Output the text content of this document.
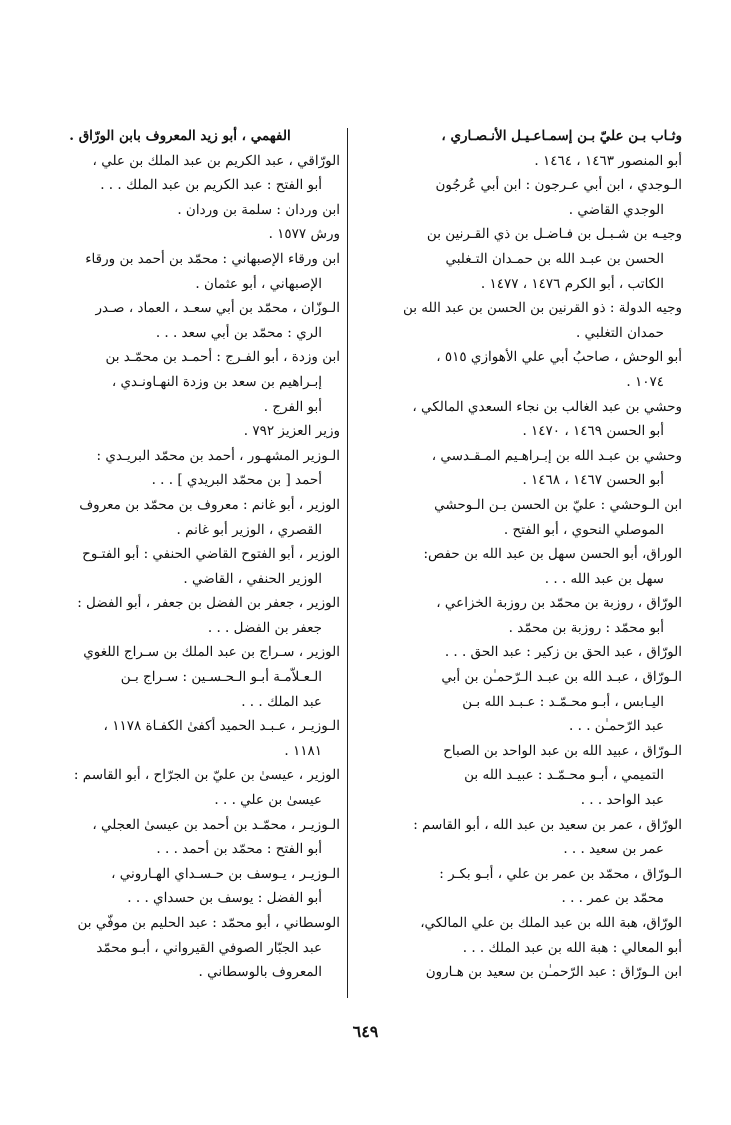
وثـاب بـن عليّ بـن إسمـاعـيـل الأنـصـاري ،
أبو المنصور ١٤٦٣ ، ١٤٦٤ .
الـوجدي ، ابن أبي عـرجون : ابن أبي عُرجُون
الوجدي القاضي .
وجيـه بن شـبـل بن فـاضـل بن ذي القـرنين بن
الحسن بن عبـد الله بن حمـدان التـغلبي
الكاتب ، أبو الكرم ١٤٧٦ ، ١٤٧٧ .
وجيه الدولة : ذو القرنين بن الحسن بن عبد الله بن
حمدان التغلبي .
أبو الوحش ، صاحبُ أبي علي الأهوازي ٥١٥ ،
١٠٧٤ .
وحشي بن عبد الغالب بن نجاء السعدي المالكي ،
أبو الحسن ١٤٦٩ ، ١٤٧٠ .
وحشي بن عبـد الله بن إبـراهـيم المـقـدسي ،
أبو الحسن ١٤٦٧ ، ١٤٦٨ .
ابن الـوحشي : عليّ بن الحسن بـن الـوحشي
الموصلي النحوي ، أبو الفتح .
الوراق، أبو الحسن سهل بن عبد الله بن حفص:
سهل بن عبد الله . . .
الورّاق ، روزبة بن محمّد بن روزبة الخزاعي ،
أبو محمّد : روزبة بن محمّد .
الورّاق ، عبد الحق بن زكير : عبد الحق . . .
الـورّاق ، عبـد الله بن عبـد الـرّحمـٰن بن أبي
اليـابس ، أبـو محـمّـد : عـبـد الله بـن
عبد الرّحمـٰن . . .
الـورّاق ، عبيد الله بن عبد الواحد بن الصباح
التميمي ، أبـو محـمّـد : عبيـد الله بن
عبد الواحد . . .
الورّاق ، عمر بن سعيد بن عبد الله ، أبو القاسم :
عمر بن سعيد . . .
الـورّاق ، محمّد بن عمر بن علي ، أبـو بكـر :
محمّد بن عمر . . .
الورّاق، هبة الله بن عبد الملك بن علي المالكي،
أبو المعالي : هبة الله بن عبد الملك . . .
ابن الـورّاق : عبد الرّحمـٰن بن سعيد بن هـارون
الفهمي ، أبو زيد المعروف بابن الورّاق .
الورّاقي ، عبد الكريم بن عبد الملك بن علي ،
أبو الفتح : عبد الكريم بن عبد الملك . . .
ابن وردان : سلمة بن وردان .
ورش ١٥٧٧ .
ابن ورقاء الإصبهاني : محمّد بن أحمد بن ورقاء
الإصبهاني ، أبو عثمان .
الـوزّان ، محمّد بن أبي سعـد ، العماد ، صـدر
الري : محمّد بن أبي سعد . . .
ابن وزدة ، أبو الفـرج : أحمـد بن محمّـد بن
إبـراهيم بن سعد بن وزدة النهـاونـدي ،
أبو الفرج .
وزير العزيز ٧٩٢ .
الـوزير المشهـور ، أحمد بن محمّد البريـدي :
أحمد [ بن محمّد البريدي ] . . .
الوزير ، أبو غانم : معروف بن محمّد بن معروف
القصري ، الوزير أبو غانم .
الوزير ، أبو الفتوح القاضي الحنفي : أبو الفتـوح
الوزير الحنفي ، القاضي .
الوزير ، جعفر بن الفضل بن جعفر ، أبو الفضل :
جعفر بن الفضل . . .
الوزير ، سـراج بن عبد الملك بن سـراج اللغوي
الـعـلاّمـة أبـو الـحـسـين : سـراج بـن
عبد الملك . . .
الـوزيـر ، عـبـد الحميد أكفىٰ الكفـاة ١١٧٨ ،
١١٨١ .
الوزير ، عيسىٰ بن عليّ بن الجرّاح ، أبو القاسم :
عيسىٰ بن علي . . .
الـوزيـر ، محمّـد بن أحمد بن عيسىٰ العجلي ،
أبو الفتح : محمّد بن أحمد . . .
الـوزيـر ، يـوسف بن حـسـداي الهـاروني ،
أبو الفضل : يوسف بن حسداي . . .
الوسطاني ، أبو محمّد : عبد الحليم بن موفّي بن
عبد الجبّار الصوفي القيرواني ، أبـو محمّد
المعروف بالوسطاني .
٦٤٩
